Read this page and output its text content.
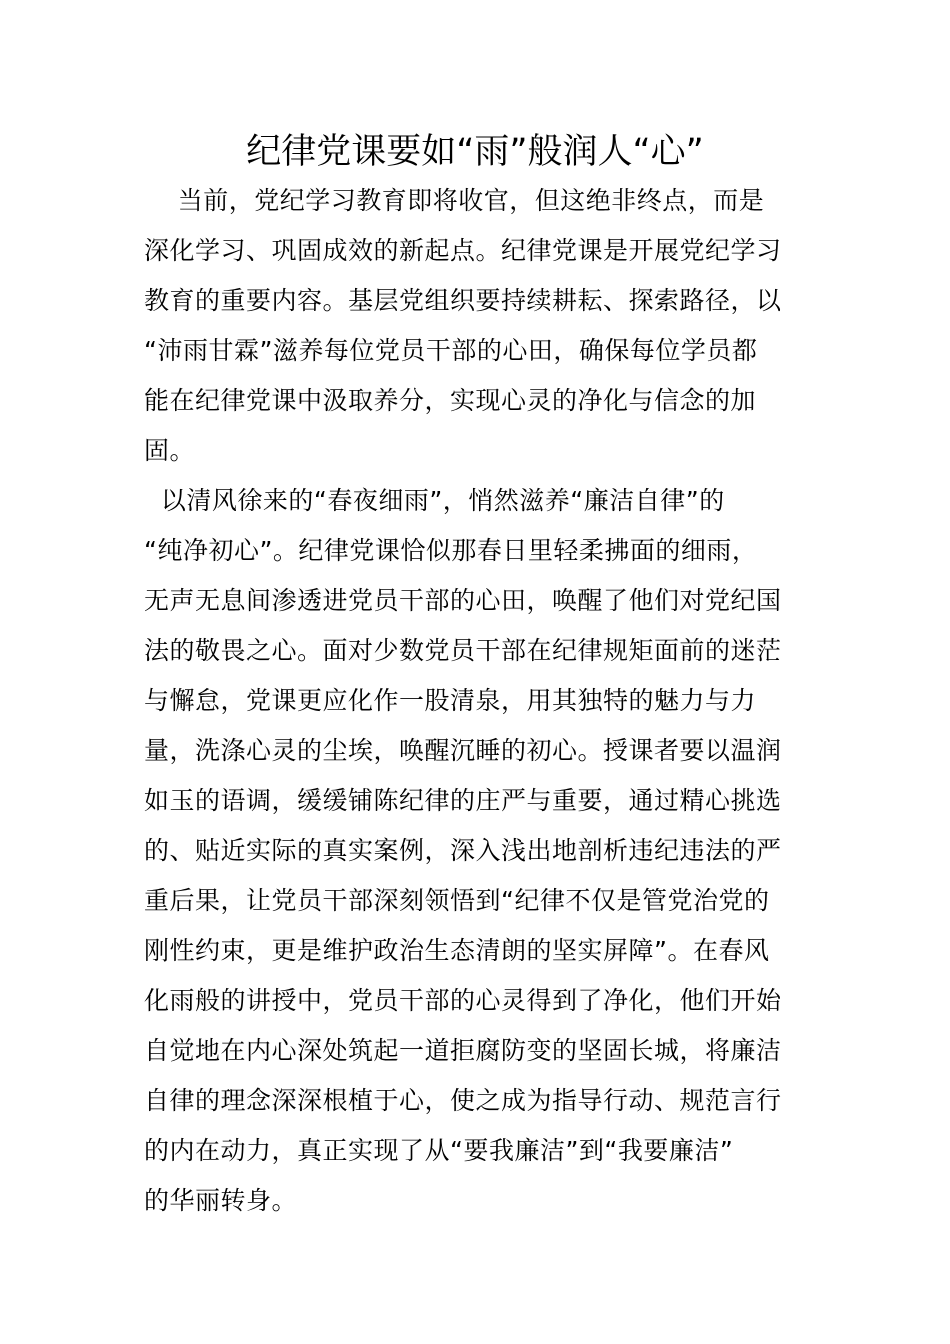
纪律党课要如“雨”般润人“心”

当前，党纪学习教育即将收官，但这绝非终点，而是
深化学习、巩固成效的新起点。纪律党课是开展党纪学习
教育的重要内容。基层党组织要持续耕耘、探索路径，以
“沛雨甘霖”滋养每位党员干部的心田，确保每位学员都
能在纪律党课中汲取养分，实现心灵的净化与信念的加
固。

以清风徐来的“春夜细雨”，悄然滋养“廉洁自律”的
“纯净初心”。纪律党课恰似那春日里轻柔拂面的细雨，
无声无息间渗透进党员干部的心田，唤醒了他们对党纪国
法的敬畏之心。面对少数党员干部在纪律规矩面前的迷茫
与懈怠，党课更应化作一股清泉，用其独特的魅力与力
量，洗涤心灵的尘埃，唤醒沉睡的初心。授课者要以温润
如玉的语调，缓缓铺陈纪律的庄严与重要，通过精心挑选
的、贴近实际的真实案例，深入浅出地剖析违纪违法的严
重后果，让党员干部深刻领悟到“纪律不仅是管党治党的
刚性约束，更是维护政治生态清朗的坚实屏障”。在春风
化雨般的讲授中，党员干部的心灵得到了净化，他们开始
自觉地在内心深处筑起一道拒腐防变的坚固长城，将廉洁
自律的理念深深根植于心，使之成为指导行动、规范言行
的内在动力，真正实现了从“要我廉洁”到“我要廉洁”
的华丽转身。
